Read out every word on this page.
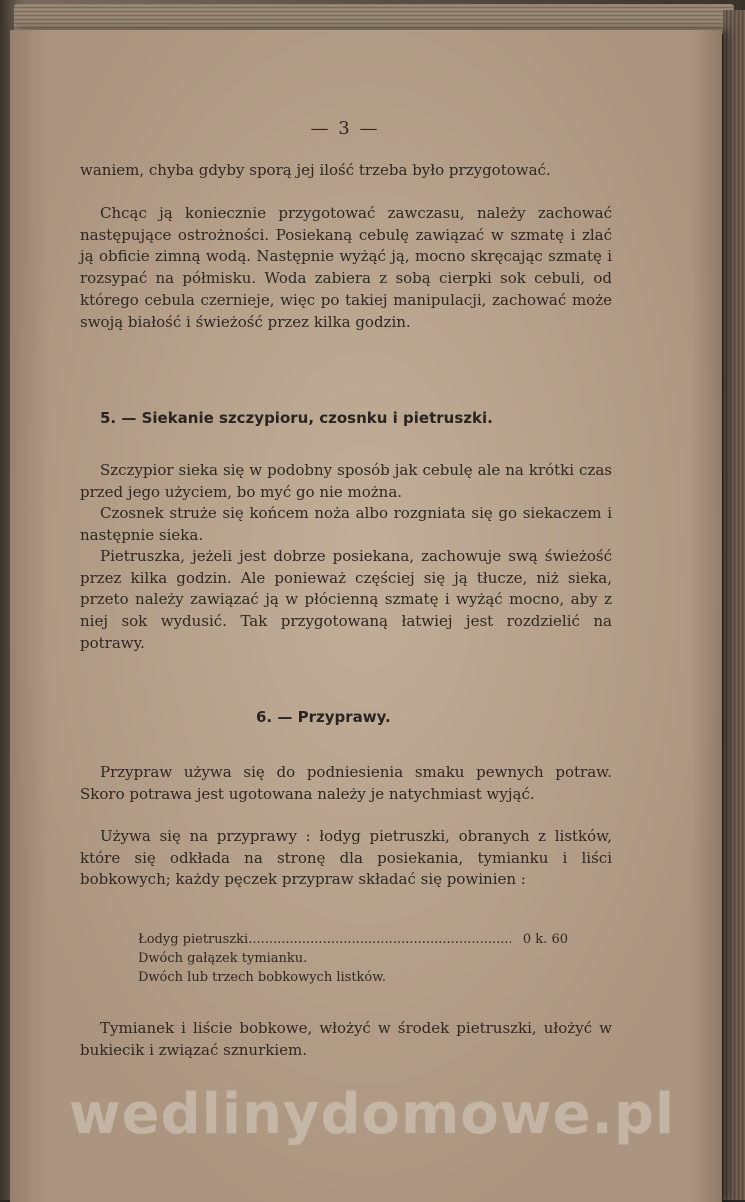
— 3 —

waniem, chyba gdyby sporą jej ilość trzeba było przygotować.

Chcąc ją koniecznie przygotować zawczasu, należy zachować następujące ostrożności. Posiekaną cebulę zawiązać w szmatę i zlać ją obficie zimną wodą. Następnie wyżąć ją, mocno skręcając szmatę i rozsypać na półmisku. Woda zabiera z sobą cierpki sok cebuli, od którego cebula czernieje, więc po takiej manipulacji, zachować może swoją białość i świeżość przez kilka godzin.

5. — Siekanie szczypioru, czosnku i pietruszki.

Szczypior sieka się w podobny sposób jak cebulę ale na krótki czas przed jego użyciem, bo myć go nie można.

Czosnek struże się końcem noża albo rozgniata się go siekaczem i następnie sieka.

Pietruszka, jeżeli jest dobrze posiekana, zachowuje swą świeżość przez kilka godzin. Ale ponieważ częściej się ją tłucze, niż sieka, przeto należy zawiązać ją w płócienną szmatę i wyżąć mocno, aby z niej sok wydusić. Tak przygotowaną łatwiej jest rozdzielić na potrawy.

6. — Przyprawy.

Przypraw używa się do podniesienia smaku pewnych potraw. Skoro potrawa jest ugotowana należy je natychmiast wyjąć.

Używa się na przyprawy : łodyg pietruszki, obranych z listków, które się odkłada na stronę dla posiekania, tymianku i liści bobkowych; każdy pęczek przypraw składać się powinien :

Łodyg pietruszki
.....	0 k. 60
Dwóch gałązek tymianku.
Dwóch lub trzech bobkowych listków.

Tymianek i liście bobkowe, włożyć w środek pietruszki, ułożyć w bukiecik i związać sznurkiem.

wedlinydomowe.pl
